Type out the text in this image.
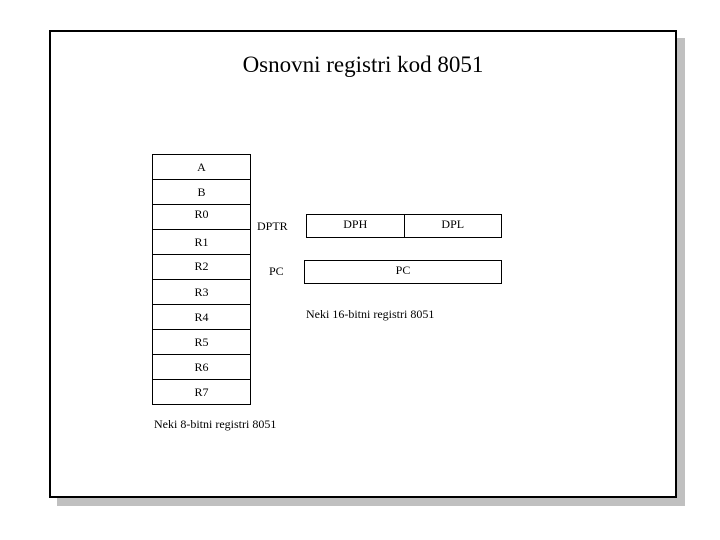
Osnovni registri kod 8051
A
B
R0
R1
R2
R3
R4
R5
R6
R7
Neki 8-bitni registri 8051
DPTR	DPH	DPL
PC	PC
Neki 16-bitni registri 8051
